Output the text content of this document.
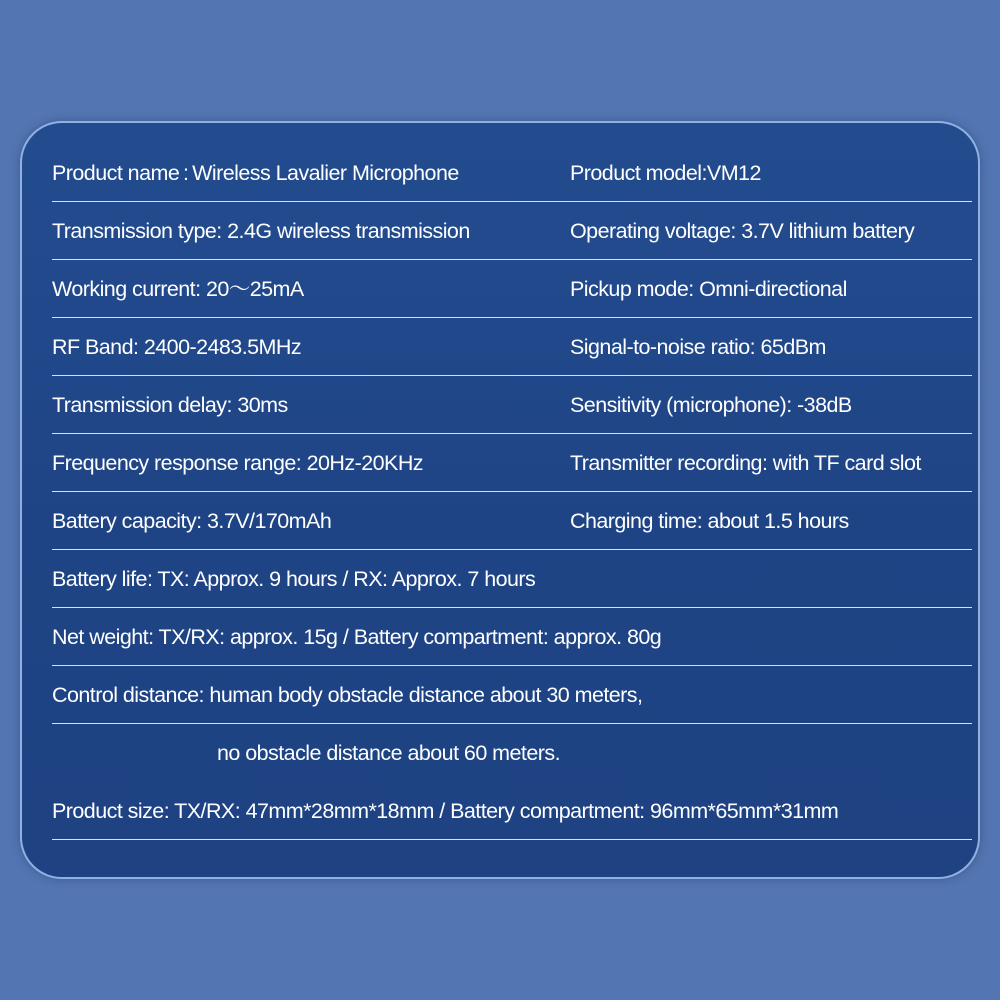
Product name : Wireless Lavalier Microphone	Product model:VM12
Transmission type: 2.4G wireless transmission	Operating voltage: 3.7V lithium battery
Working current: 20〜25mA	Pickup mode: Omni-directional
RF Band: 2400-2483.5MHz	Signal-to-noise ratio: 65dBm
Transmission delay: 30ms	Sensitivity (microphone): -38dB
Frequency response range: 20Hz-20KHz	Transmitter recording: with TF card slot
Battery capacity: 3.7V/170mAh	Charging time: about 1.5 hours
Battery life: TX: Approx. 9 hours / RX: Approx. 7 hours
Net weight: TX/RX: approx. 15g / Battery compartment: approx. 80g
Control distance: human body obstacle distance about 30 meters,
no obstacle distance about 60 meters.
Product size: TX/RX: 47mm*28mm*18mm / Battery compartment: 96mm*65mm*31mm
